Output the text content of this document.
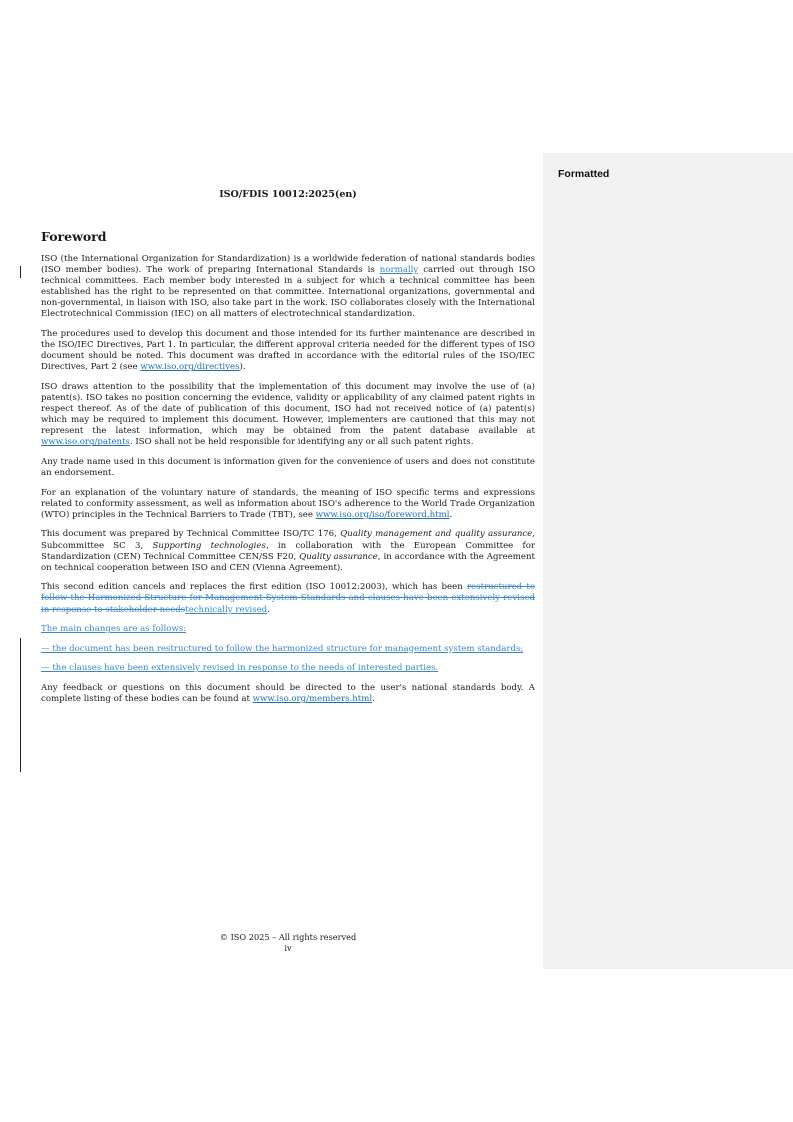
Formatted
ISO/FDIS 10012:2025(en)
Foreword

ISO (the International Organization for Standardization) is a worldwide federation of national standards bodies (ISO member bodies). The work of preparing International Standards is normally carried out through ISO technical committees. Each member body interested in a subject for which a technical committee has been established has the right to be represented on that committee. International organizations, governmental and non-governmental, in liaison with ISO, also take part in the work. ISO collaborates closely with the International Electrotechnical Commission (IEC) on all matters of electrotechnical standardization.

The procedures used to develop this document and those intended for its further maintenance are described in the ISO/IEC Directives, Part 1. In particular, the different approval criteria needed for the different types of ISO document should be noted. This document was drafted in accordance with the editorial rules of the ISO/IEC Directives, Part 2 (see www.iso.org/directives).

ISO draws attention to the possibility that the implementation of this document may involve the use of (a) patent(s). ISO takes no position concerning the evidence, validity or applicability of any claimed patent rights in respect thereof. As of the date of publication of this document, ISO had not received notice of (a) patent(s) which may be required to implement this document. However, implementers are cautioned that this may not represent the latest information, which may be obtained from the patent database available at www.iso.org/patents. ISO shall not be held responsible for identifying any or all such patent rights.

Any trade name used in this document is information given for the convenience of users and does not constitute an endorsement.

For an explanation of the voluntary nature of standards, the meaning of ISO specific terms and expressions related to conformity assessment, as well as information about ISO's adherence to the World Trade Organization (WTO) principles in the Technical Barriers to Trade (TBT), see www.iso.org/iso/foreword.html.

This document was prepared by Technical Committee ISO/TC 176, Quality management and quality assurance, Subcommittee SC 3, Supporting technologies, in collaboration with the European Committee for Standardization (CEN) Technical Committee CEN/SS F20, Quality assurance, in accordance with the Agreement on technical cooperation between ISO and CEN (Vienna Agreement).

This second edition cancels and replaces the first edition (ISO 10012:2003), which has been restructured to follow the Harmonized Structure for Management System Standards and clauses have been extensively revised in response to stakeholder needstechnically revised.

The main changes are as follows:

— the document has been restructured to follow the harmonized structure for management system standards;

— the clauses have been extensively revised in response to the needs of interested parties.

Any feedback or questions on this document should be directed to the user's national standards body. A complete listing of these bodies can be found at www.iso.org/members.html.

© ISO 2025 – All rights reserved
iv
